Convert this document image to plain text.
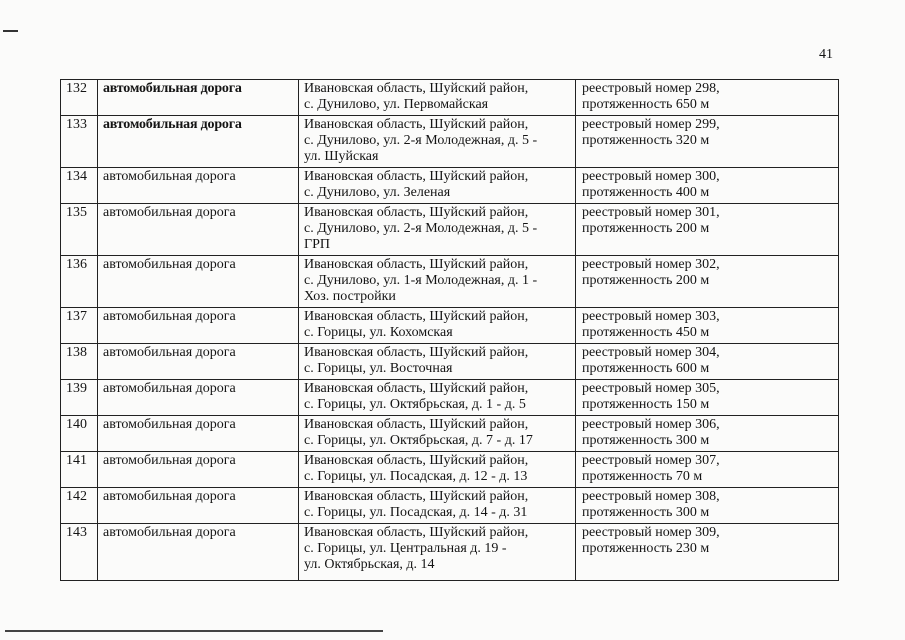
41
132	автомобильная дорога	Ивановская область, Шуйский район,
с. Дунилово, ул. Первомайская	реестровый номер 298,
протяженность 650 м

133	автомобильная дорога	Ивановская область, Шуйский район,
с. Дунилово, ул. 2-я Молодежная, д. 5 -
ул. Шуйская	реестровый номер 299,
протяженность 320 м

134	автомобильная дорога	Ивановская область, Шуйский район,
с. Дунилово, ул. Зеленая	реестровый номер 300,
протяженность 400 м

135	автомобильная дорога	Ивановская область, Шуйский район,
с. Дунилово, ул. 2-я Молодежная, д. 5 -
ГРП	реестровый номер 301,
протяженность 200 м

136	автомобильная дорога	Ивановская область, Шуйский район,
с. Дунилово, ул. 1-я Молодежная, д. 1 -
Хоз. постройки	реестровый номер 302,
протяженность 200 м

137	автомобильная дорога	Ивановская область, Шуйский район,
с. Горицы, ул. Кохомская	реестровый номер 303,
протяженность 450 м

138	автомобильная дорога	Ивановская область, Шуйский район,
с. Горицы, ул. Восточная	реестровый номер 304,
протяженность 600 м

139	автомобильная дорога	Ивановская область, Шуйский район,
с. Горицы, ул. Октябрьская, д. 1 - д. 5	реестровый номер 305,
протяженность 150 м

140	автомобильная дорога	Ивановская область, Шуйский район,
с. Горицы, ул. Октябрьская, д. 7 - д. 17	реестровый номер 306,
протяженность 300 м

141	автомобильная дорога	Ивановская область, Шуйский район,
с. Горицы, ул. Посадская, д. 12 - д. 13	реестровый номер 307,
протяженность 70 м

142	автомобильная дорога	Ивановская область, Шуйский район,
с. Горицы, ул. Посадская, д. 14 - д. 31	реестровый номер 308,
протяженность 300 м

143	автомобильная дорога	Ивановская область, Шуйский район,
с. Горицы, ул. Центральная д. 19 -
ул. Октябрьская, д. 14	реестровый номер 309,
протяженность 230 м
